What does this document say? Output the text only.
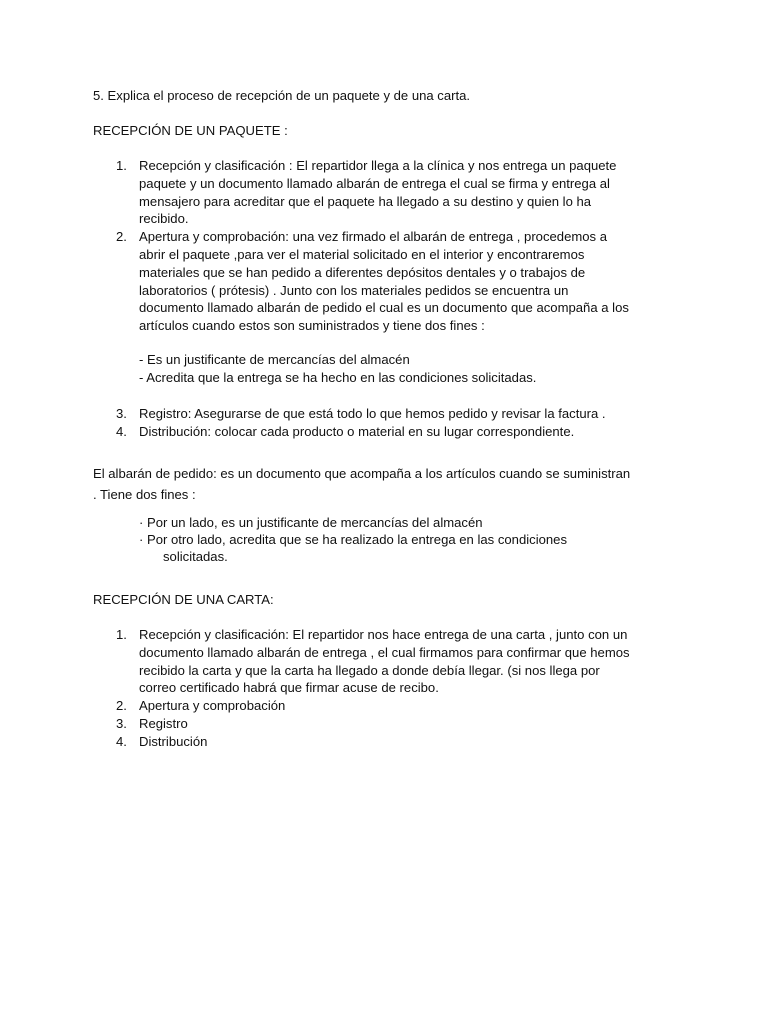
5. Explica el proceso de recepción de un paquete y de una carta.

RECEPCIÓN DE UN PAQUETE :

1. Recepción y clasificación : El repartidor llega a la clínica y nos entrega un paquete
paquete y un documento llamado albarán de entrega el cual se firma y entrega al
mensajero para acreditar que el paquete ha llegado a su destino y quien lo ha
recibido.
2. Apertura y comprobación: una vez firmado el albarán de entrega , procedemos a
abrir el paquete ,para ver el material solicitado en el interior y encontraremos
materiales que se han pedido a diferentes depósitos dentales y o trabajos de
laboratorios ( prótesis) . Junto con los materiales pedidos se encuentra un
documento llamado albarán de pedido el cual es un documento que acompaña a los
artículos cuando estos son suministrados y tiene dos fines :
- Es un justificante de mercancías del almacén
- Acredita que la entrega se ha hecho en las condiciones solicitadas.
3. Registro: Asegurarse de que está todo lo que hemos pedido y revisar la factura .
4. Distribución: colocar cada producto o material en su lugar correspondiente.

El albarán de pedido: es un documento que acompaña a los artículos cuando se suministran

. Tiene dos fines :

· Por un lado, es un justificante de mercancías del almacén
· Por otro lado, acredita que se ha realizado la entrega en las condiciones
solicitadas.

RECEPCIÓN DE UNA CARTA:

1. Recepción y clasificación: El repartidor nos hace entrega de una carta , junto con un
documento llamado albarán de entrega , el cual firmamos para confirmar que hemos
recibido la carta y que la carta ha llegado a donde debía llegar. (si nos llega por
correo certificado habrá que firmar acuse de recibo.
2. Apertura y comprobación
3. Registro
4. Distribución
